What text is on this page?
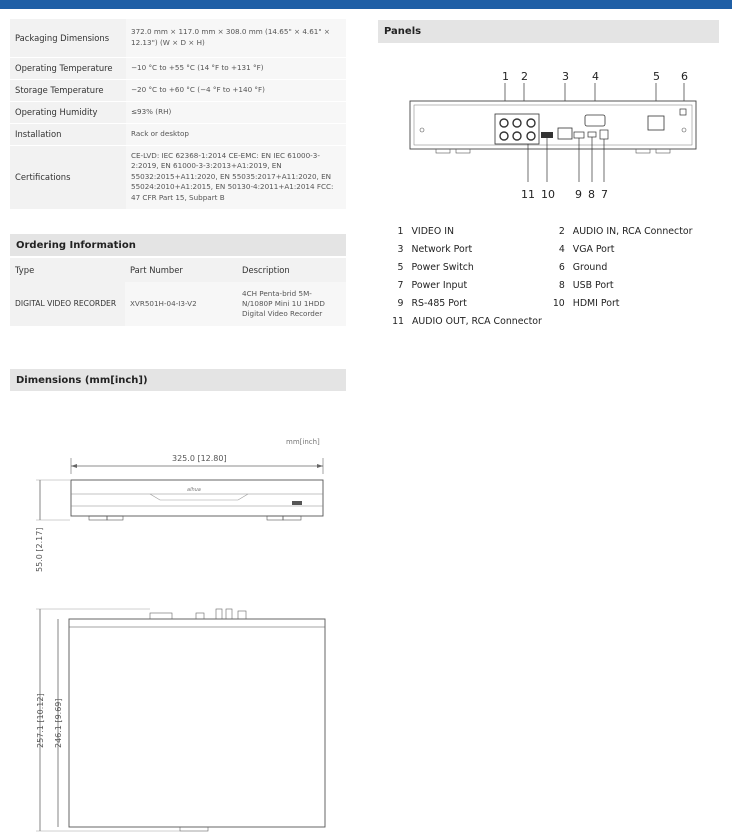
Packaging Dimensions	372.0 mm × 117.0 mm × 308.0 mm (14.65" × 4.61" × 12.13") (W × D × H)
Operating Temperature	−10 °C to +55 °C (14 °F to +131 °F)
Storage Temperature	−20 °C to +60 °C (−4 °F to +140 °F)
Operating Humidity	≤93% (RH)
Installation	Rack or desktop
Certifications	CE-LVD: IEC 62368-1:2014 CE-EMC: EN IEC 61000-3-2:2019, EN 61000-3-3:2013+A1:2019, EN 55032:2015+A11:2020, EN 55035:2017+A11:2020, EN 55024:2010+A1:2015, EN 50130-4:2011+A1:2014 FCC: 47 CFR Part 15, Subpart B
Ordering Information
Type	Part Number	Description
DIGITAL VIDEO RECORDER	XVR501H-04-I3-V2	4CH Penta-brid 5M-N/1080P Mini 1U 1HDD Digital Video Recorder
Dimensions (mm[inch])
mm[inch]
325.0 [12.80]
alhua
55.0 [2.17]
257.1 [10.12] 246.1 [9.69]
Panels
1 2	3 4	5 6
11 10 9 8 7
1 VIDEO IN	2 AUDIO IN, RCA Connector
3 Network Port	4 VGA Port
5 Power Switch	6 Ground
7 Power Input	8 USB Port
9 RS-485 Port	10 HDMI Port
11 AUDIO OUT, RCA Connector
